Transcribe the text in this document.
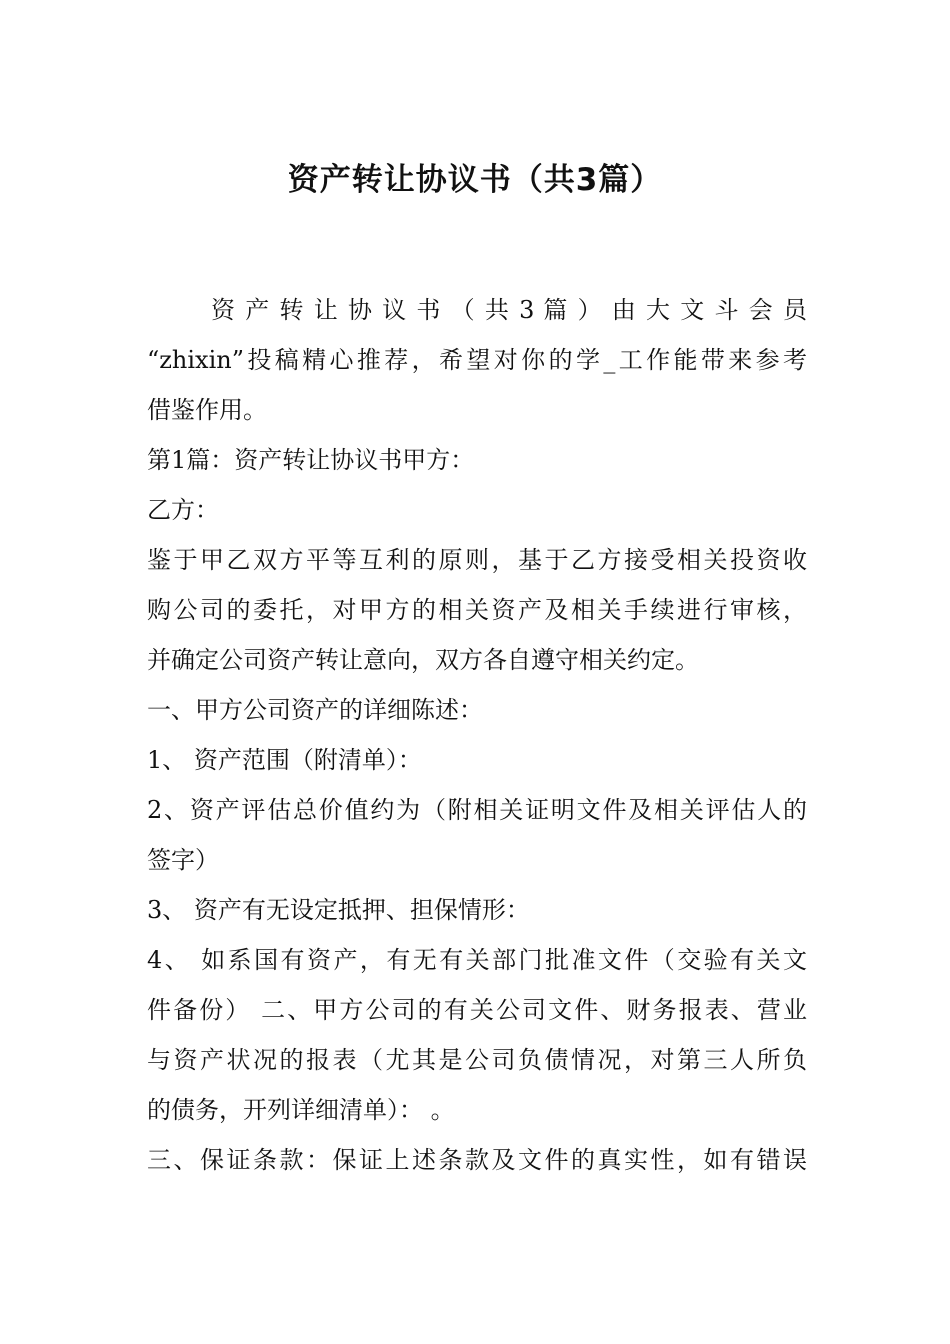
资产转让协议书（共3篇）
资 产 转 让 协 议 书 （ 共 3 篇 ） 由 大 文 斗 会 员
“zhixin”投稿精心推荐，希望对你的学_工作能带来参考
借鉴作用。
第1篇：资产转让协议书甲方：
乙方：
鉴于甲乙双方平等互利的原则，基于乙方接受相关投资收
购公司的委托，对甲方的相关资产及相关手续进行审核，
并确定公司资产转让意向，双方各自遵守相关约定。
一、甲方公司资产的详细陈述：
1、 资产范围（附清单）：
2、资产评估总价值约为（附相关证明文件及相关评估人的
签字）
3、 资产有无设定抵押、担保情形：
4、 如系国有资产，有无有关部门批准文件（交验有关文
件备份） 二、甲方公司的有关公司文件、财务报表、营业
与资产状况的报表（尤其是公司负债情况，对第三人所负
的债务，开列详细清单）： 。
三、保证条款：保证上述条款及文件的真实性，如有错误
